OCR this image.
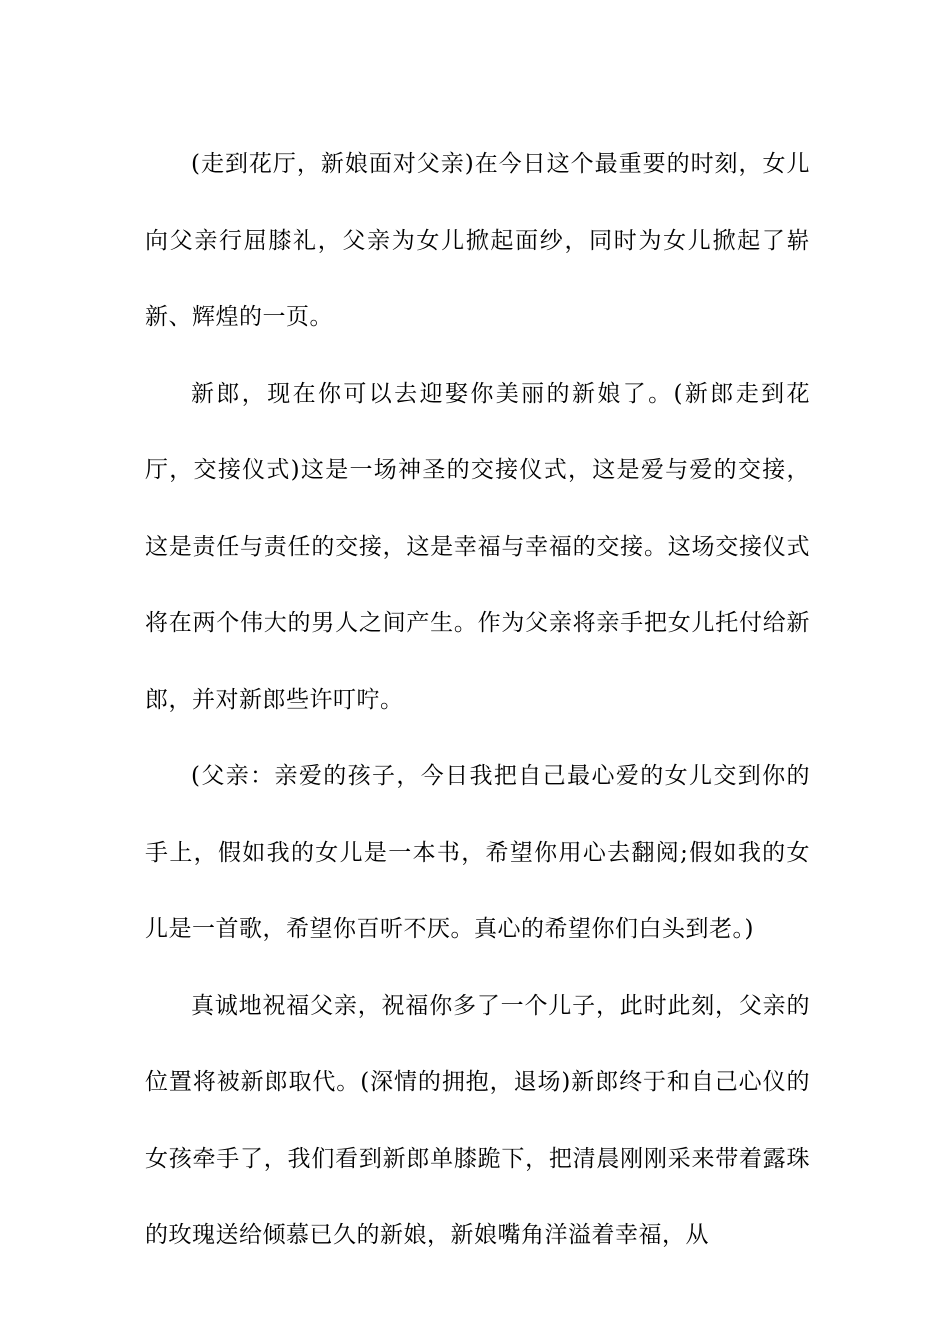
(走到花厅，新娘面对父亲)在今日这个最重要的时刻，女儿向父亲行屈膝礼，父亲为女儿掀起面纱，同时为女儿掀起了崭新、辉煌的一页。

新郎，现在你可以去迎娶你美丽的新娘了。(新郎走到花厅，交接仪式)这是一场神圣的交接仪式，这是爱与爱的交接，这是责任与责任的交接，这是幸福与幸福的交接。这场交接仪式将在两个伟大的男人之间产生。作为父亲将亲手把女儿托付给新郎，并对新郎些许叮咛。

(父亲：亲爱的孩子，今日我把自己最心爱的女儿交到你的手上，假如我的女儿是一本书，希望你用心去翻阅;假如我的女儿是一首歌，希望你百听不厌。真心的希望你们白头到老。)

真诚地祝福父亲，祝福你多了一个儿子，此时此刻，父亲的位置将被新郎取代。(深情的拥抱，退场)新郎终于和自己心仪的女孩牵手了，我们看到新郎单膝跪下，把清晨刚刚采来带着露珠的玫瑰送给倾慕已久的新娘，新娘嘴角洋溢着幸福，从
